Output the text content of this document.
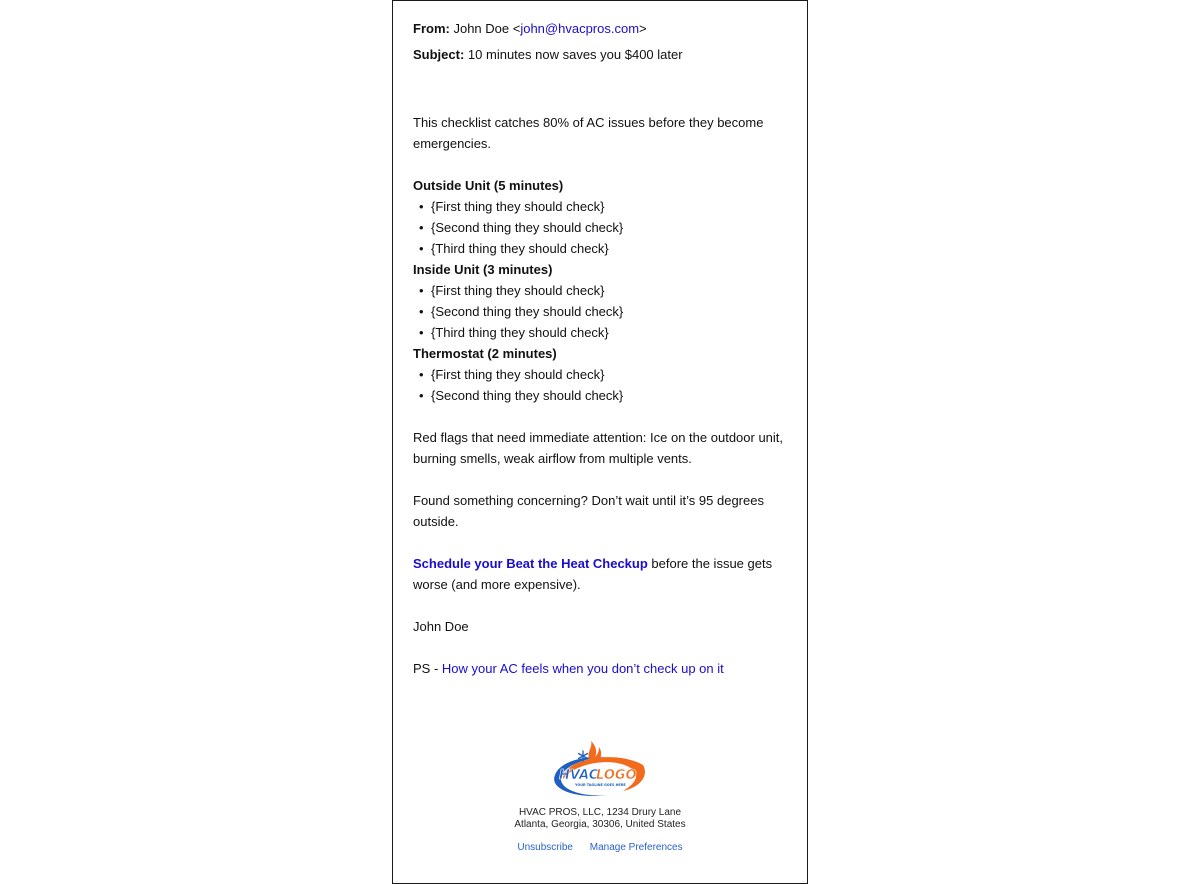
From: John Doe <john@hvacpros.com>
Subject: 10 minutes now saves you $400 later

This checklist catches 80% of AC issues before they become emergencies.

Outside Unit (5 minutes)
• {First thing they should check}
• {Second thing they should check}
• {Third thing they should check}
Inside Unit (3 minutes)
• {First thing they should check}
• {Second thing they should check}
• {Third thing they should check}
Thermostat (2 minutes)
• {First thing they should check}
• {Second thing they should check}

Red flags that need immediate attention: Ice on the outdoor unit, burning smells, weak airflow from multiple vents.

Found something concerning? Don’t wait until it’s 95 degrees outside.

Schedule your Beat the Heat Checkup before the issue gets worse (and more expensive).

John Doe

PS - How your AC feels when you don’t check up on it

HVAC
LOGO
YOUR TAGLINE GOES HERE
HVAC PROS, LLC, 1234 Drury Lane
Atlanta, Georgia, 30306, United States
Unsubscribe Manage Preferences
